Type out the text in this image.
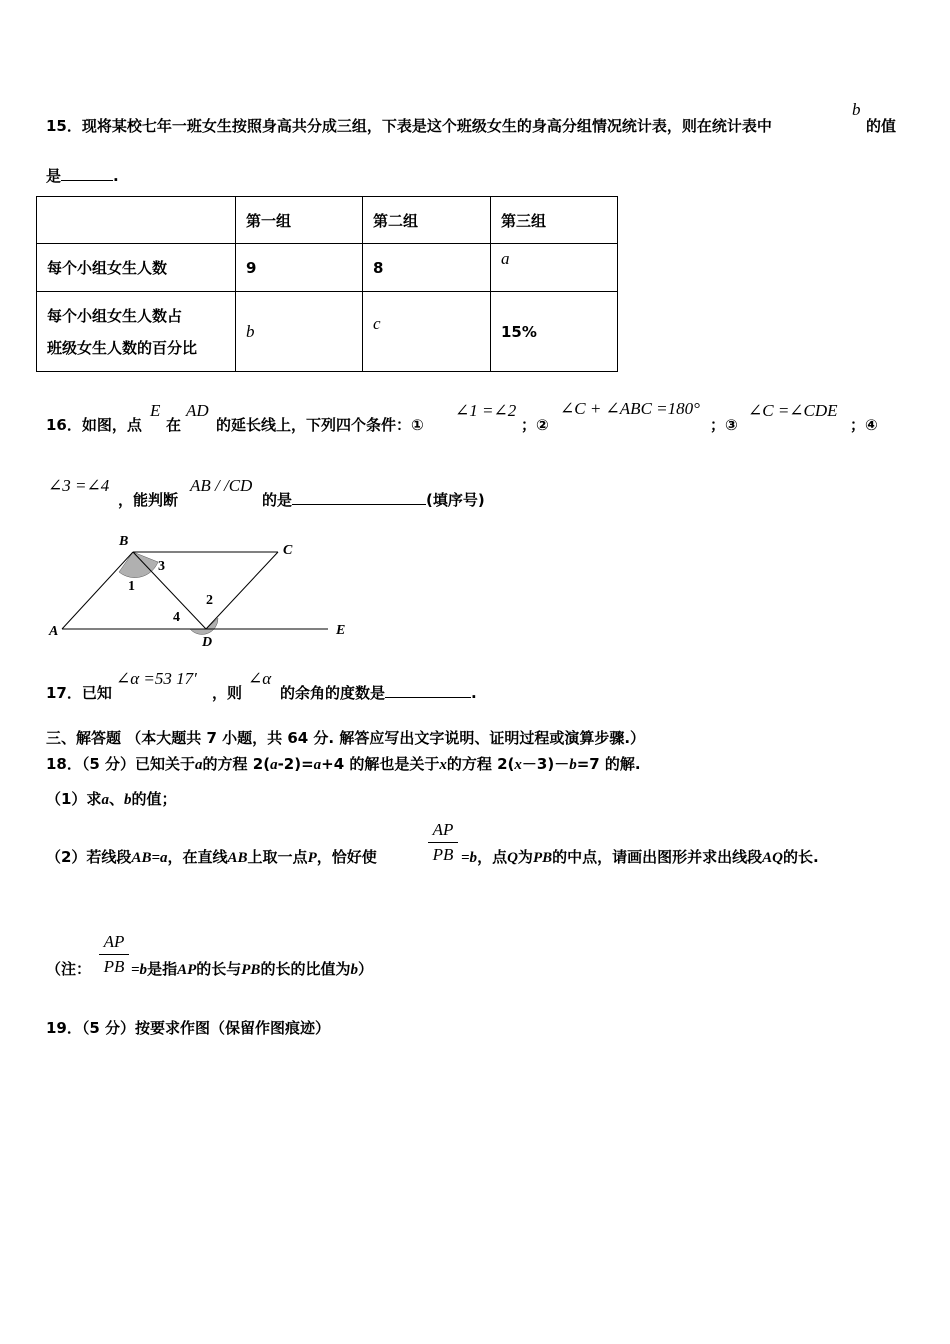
15．现将某校七年一班女生按照身高共分成三组，下表是这个班级女生的身高分组情况统计表，则在统计表中
b
的值
是	.
	第一组	第二组	第三组
每个小组女生人数	9	8	a

每个小组女生人数占
班级女生人数的百分比	b	c	15%
16．如图，点
E
在
AD
的延长线上，下列四个条件：①
∠1 =∠2
；②
∠C + ∠ABC =180°
；③
∠C =∠CDE
；④
∠3 =∠4
，能判断
AB / /CD
的是	(填序号)
B
C
A
D
E
1
2
3
4
17．已知
∠α =53 17′
，则
∠α
的余角的度数是	.
三、解答题 （本大题共 7 小题，共 64 分. 解答应写出文字说明、证明过程或演算步骤.）
18．（5 分）已知关于a的方程 2(a-2)=a+4 的解也是关于x的方程 2(x－3)－b=7 的解.
（1）求a、b的值；
（2）若线段AB=a，在直线AB上取一点P，恰好使
AP
PB =b，点Q为PB的中点，请画出图形并求出线段AQ的长.
（注：
AP
PB =b是指AP的长与PB的长的比值为b）
19．（5 分）按要求作图（保留作图痕迹）
